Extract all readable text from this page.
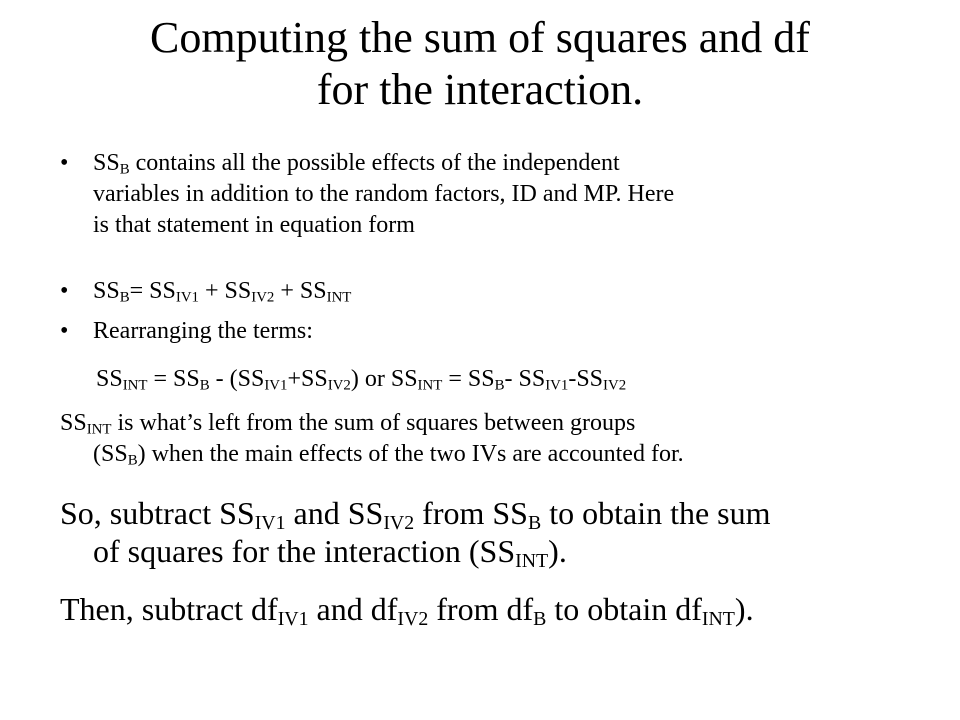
Computing the sum of squares and df
for the interaction.
• $SS_B$ contains all the possible effects of the independent
variables in addition to the random factors, ID and MP. Here
is that statement in equation form
• $SS_B= SS_{IV1} + SS_{IV2} + SS_{INT}$
• Rearranging the terms:
$SS_{INT} = SS_B - (SS_{IV1}+SS_{IV2})$ or $SS_{INT} = SS_B-$ $SS_{IV1}-SS_{IV2}$
$SS_{INT}$ is what’s left from the sum of squares between groups
$(SS_B)$ when the main effects of the two IVs are accounted for.
So, subtract $SS_{IV1}$ and $SS_{IV2}$ from $SS_B$ to obtain the sum
of squares for the interaction $(SS_{INT})$.
Then, subtract $df_{IV1}$ and $df_{IV2}$ from $df_B$ to obtain $df_{INT}$).
